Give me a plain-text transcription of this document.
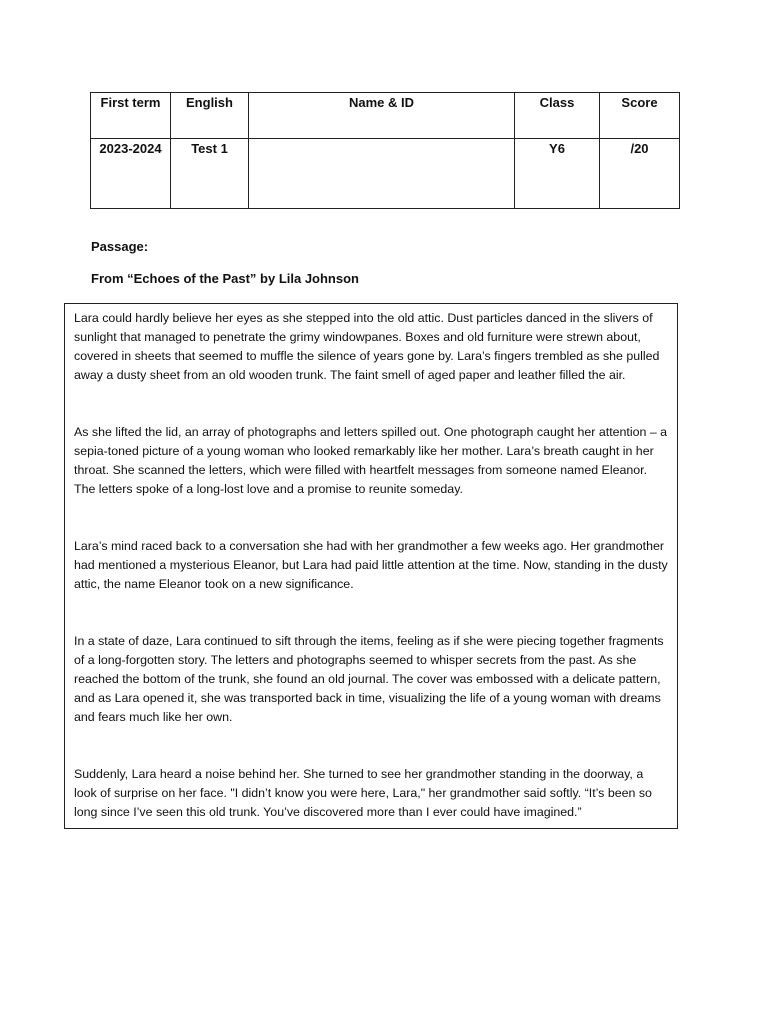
First term	English	Name & ID	Class	Score
2023-2024	Test 1		Y6	/20
Passage:
From “Echoes of the Past” by Lila Johnson

Lara could hardly believe her eyes as she stepped into the old attic. Dust particles danced in the slivers of sunlight that managed to penetrate the grimy windowpanes. Boxes and old furniture were strewn about, covered in sheets that seemed to muffle the silence of years gone by. Lara’s fingers trembled as she pulled away a dusty sheet from an old wooden trunk. The faint smell of aged paper and leather filled the air.

As she lifted the lid, an array of photographs and letters spilled out. One photograph caught her attention – a sepia-toned picture of a young woman who looked remarkably like her mother. Lara’s breath caught in her throat. She scanned the letters, which were filled with heartfelt messages from someone named Eleanor. The letters spoke of a long-lost love and a promise to reunite someday.

Lara’s mind raced back to a conversation she had with her grandmother a few weeks ago. Her grandmother had mentioned a mysterious Eleanor, but Lara had paid little attention at the time. Now, standing in the dusty attic, the name Eleanor took on a new significance.

In a state of daze, Lara continued to sift through the items, feeling as if she were piecing together fragments of a long-forgotten story. The letters and photographs seemed to whisper secrets from the past. As she reached the bottom of the trunk, she found an old journal. The cover was embossed with a delicate pattern, and as Lara opened it, she was transported back in time, visualizing the life of a young woman with dreams and fears much like her own.

Suddenly, Lara heard a noise behind her. She turned to see her grandmother standing in the doorway, a look of surprise on her face. "I didn’t know you were here, Lara," her grandmother said softly. “It’s been so long since I’ve seen this old trunk. You’ve discovered more than I ever could have imagined.”
